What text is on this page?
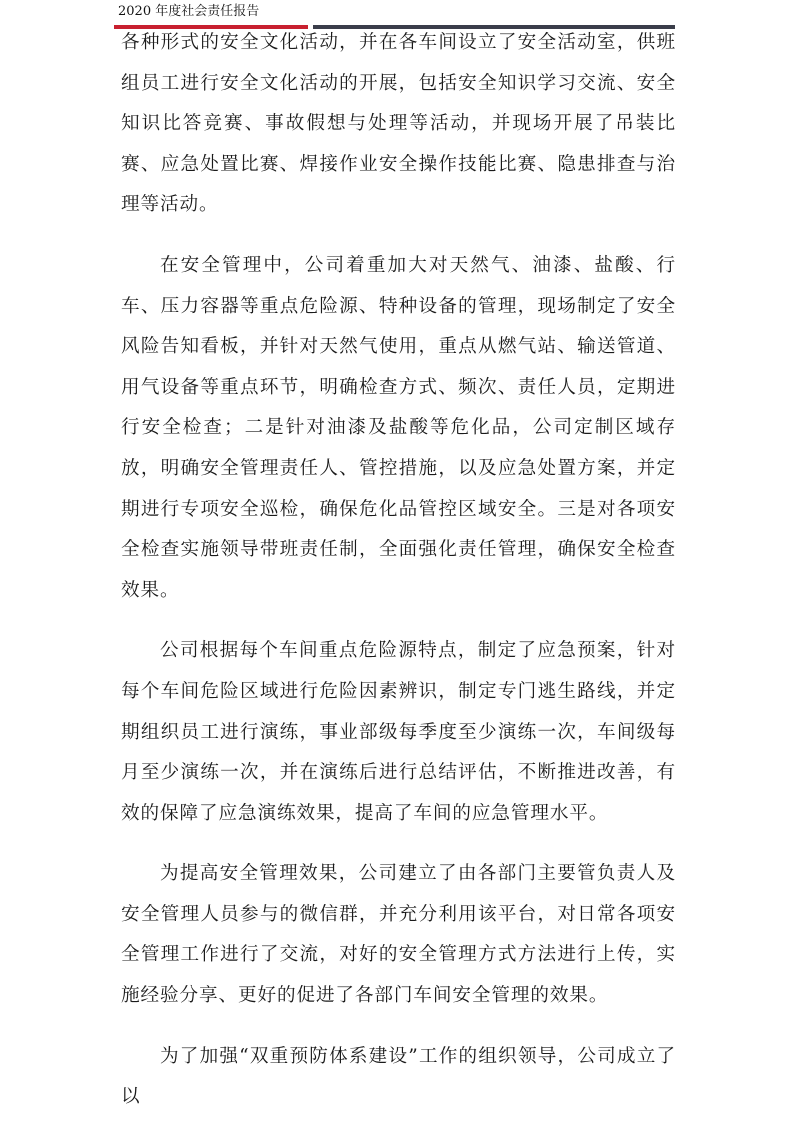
2020 年度社会责任报告

各种形式的安全文化活动，并在各车间设立了安全活动室，供班组员工进行安全文化活动的开展，包括安全知识学习交流、安全知识比答竞赛、事故假想与处理等活动，并现场开展了吊装比赛、应急处置比赛、焊接作业安全操作技能比赛、隐患排查与治理等活动。

在安全管理中，公司着重加大对天然气、油漆、盐酸、行车、压力容器等重点危险源、特种设备的管理，现场制定了安全风险告知看板，并针对天然气使用，重点从燃气站、输送管道、用气设备等重点环节，明确检查方式、频次、责任人员，定期进行安全检查；二是针对油漆及盐酸等危化品，公司定制区域存放，明确安全管理责任人、管控措施，以及应急处置方案，并定期进行专项安全巡检，确保危化品管控区域安全。三是对各项安全检查实施领导带班责任制，全面强化责任管理，确保安全检查效果。

公司根据每个车间重点危险源特点，制定了应急预案，针对每个车间危险区域进行危险因素辨识，制定专门逃生路线，并定期组织员工进行演练，事业部级每季度至少演练一次，车间级每月至少演练一次，并在演练后进行总结评估，不断推进改善，有效的保障了应急演练效果，提高了车间的应急管理水平。

为提高安全管理效果，公司建立了由各部门主要管负责人及安全管理人员参与的微信群，并充分利用该平台，对日常各项安全管理工作进行了交流，对好的安全管理方式方法进行上传，实施经验分享、更好的促进了各部门车间安全管理的效果。

为了加强“双重预防体系建设”工作的组织领导，公司成立了以
